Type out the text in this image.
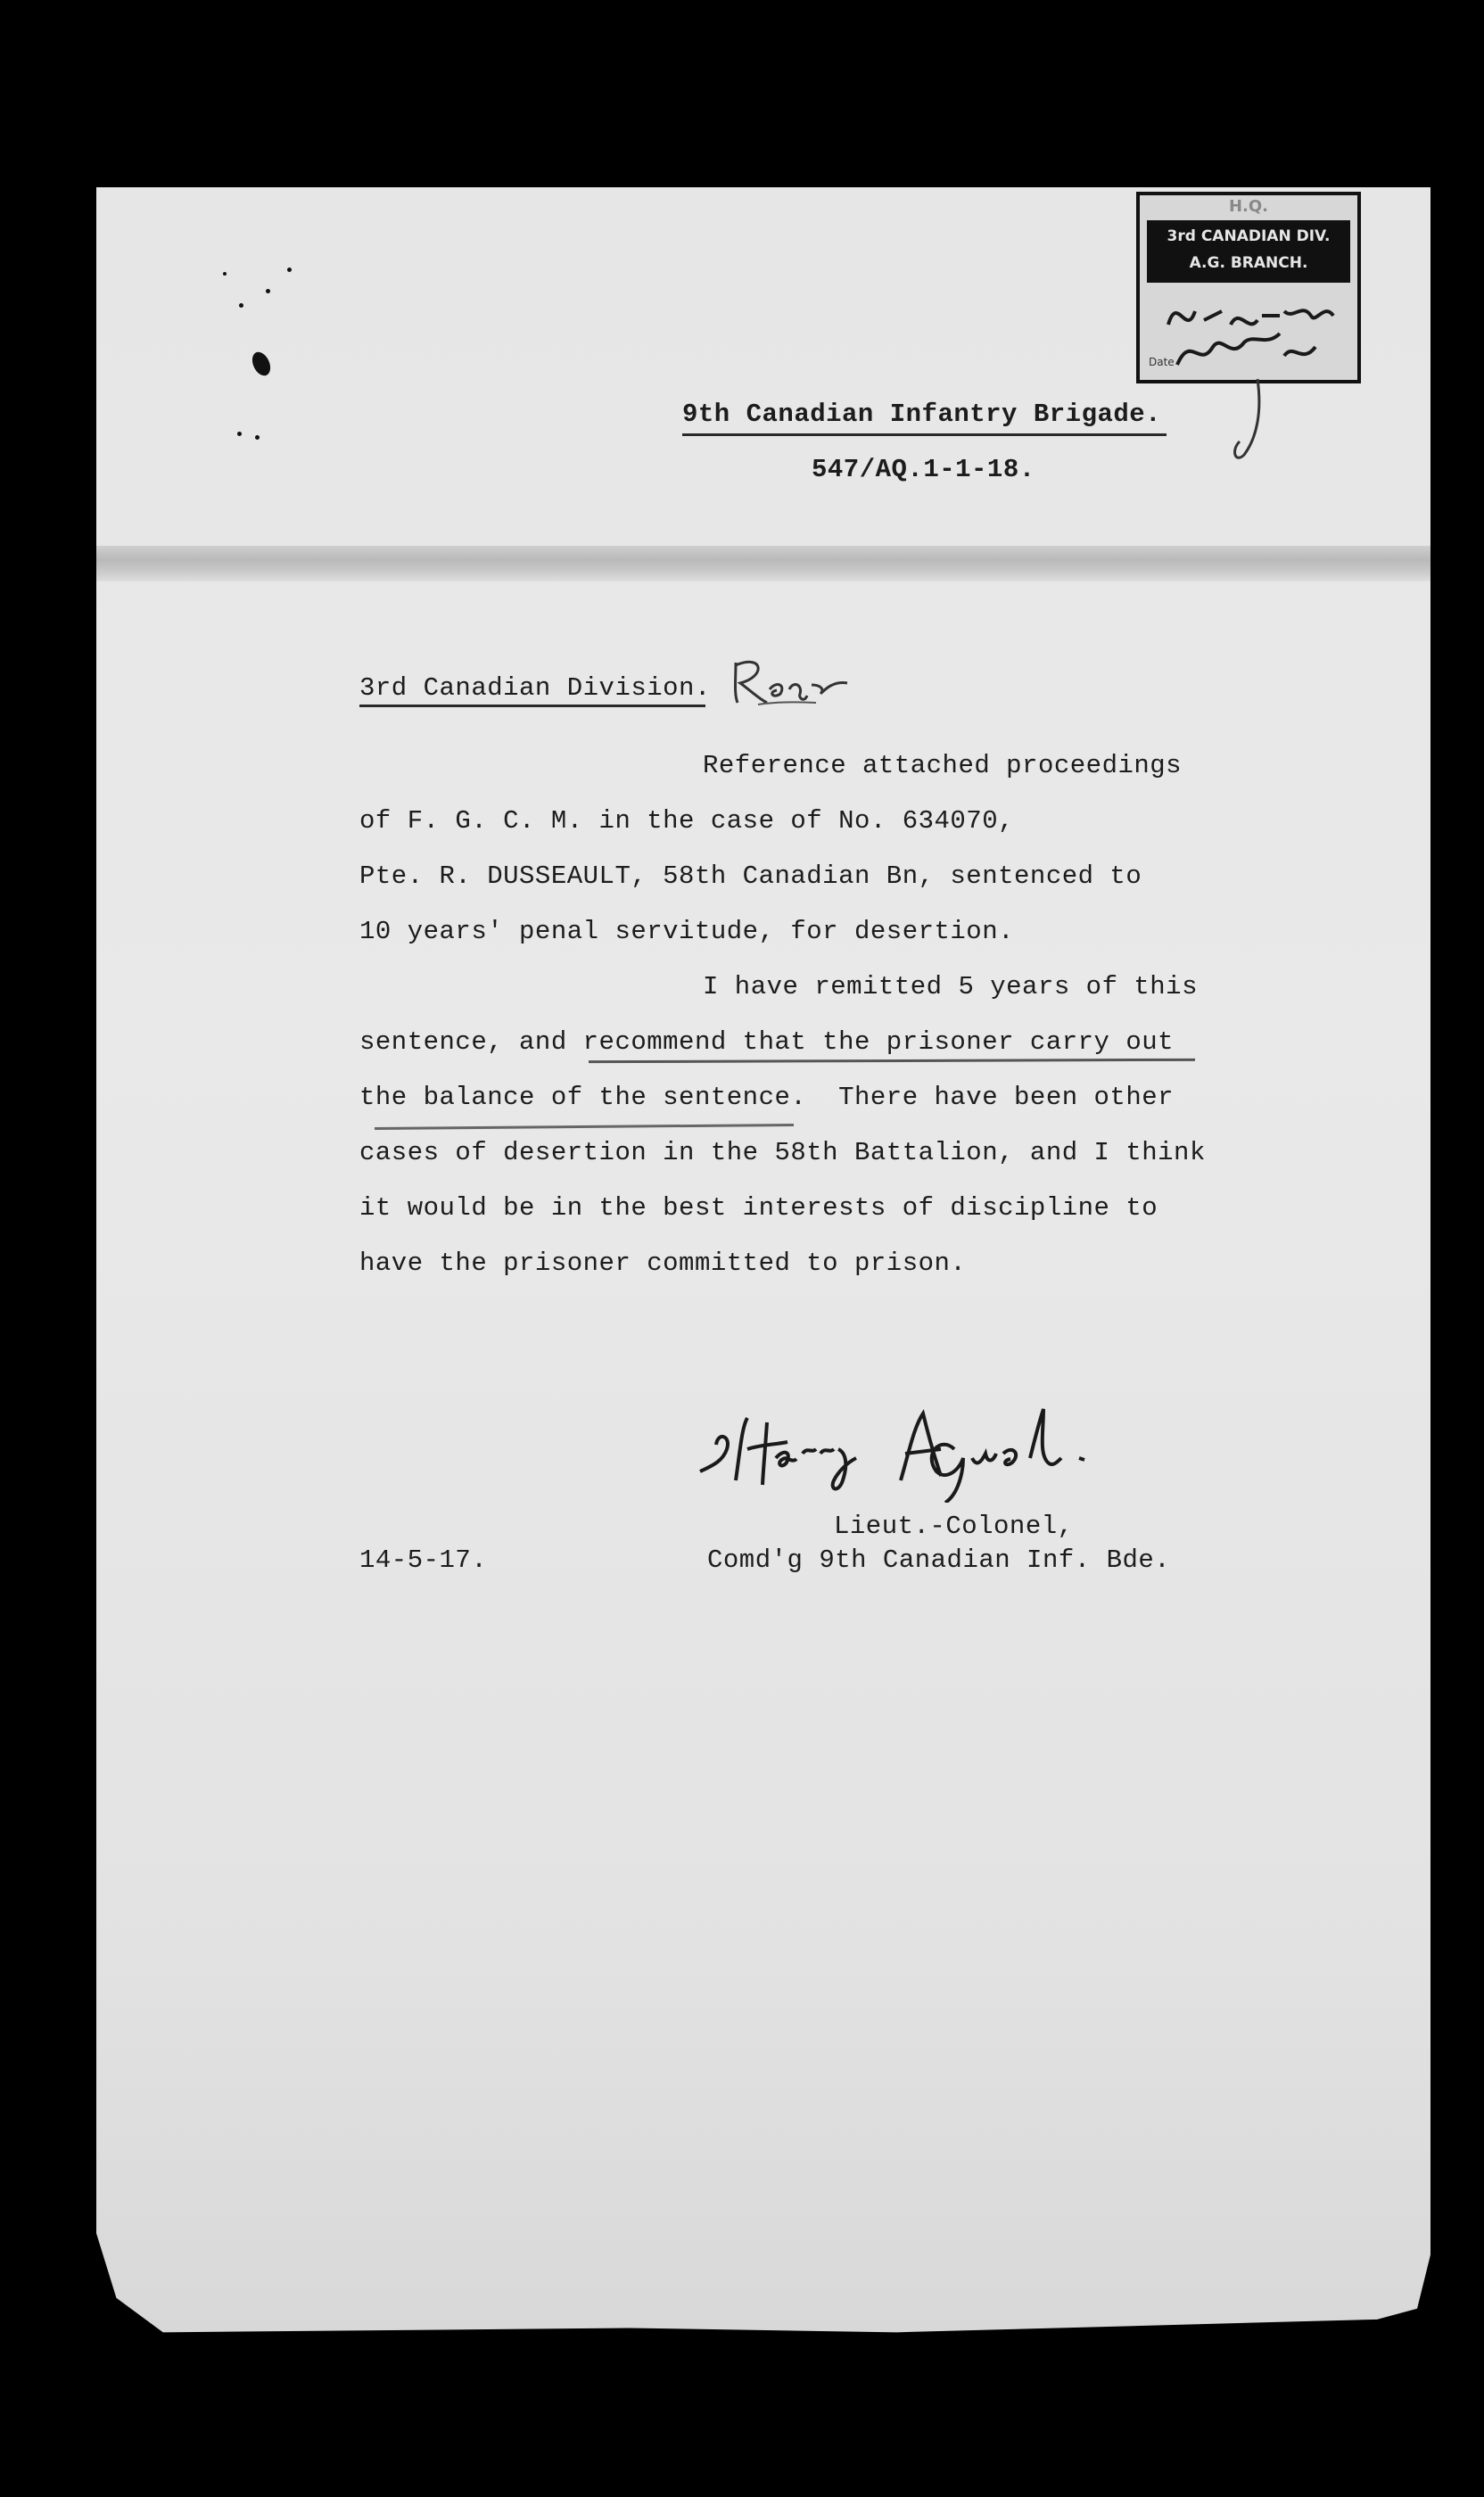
H.Q.
3rd CANADIAN DIV.
A.G. BRANCH.
Date
9th Canadian Infantry Brigade.
547/AQ.1-1-18.
3rd Canadian Division.
Reference attached proceedings
of F. G. C. M. in the case of No. 634070,
Pte. R. DUSSEAULT, 58th Canadian Bn, sentenced to
10 years' penal servitude, for desertion.
I have remitted 5 years of this
sentence, and recommend that the prisoner carry out
the balance of the sentence.  There have been other
cases of desertion in the 58th Battalion, and I think
it would be in the best interests of discipline to
have the prisoner committed to prison.
Lieut.-Colonel,
14-5-17.	Comd'g 9th Canadian Inf. Bde.
